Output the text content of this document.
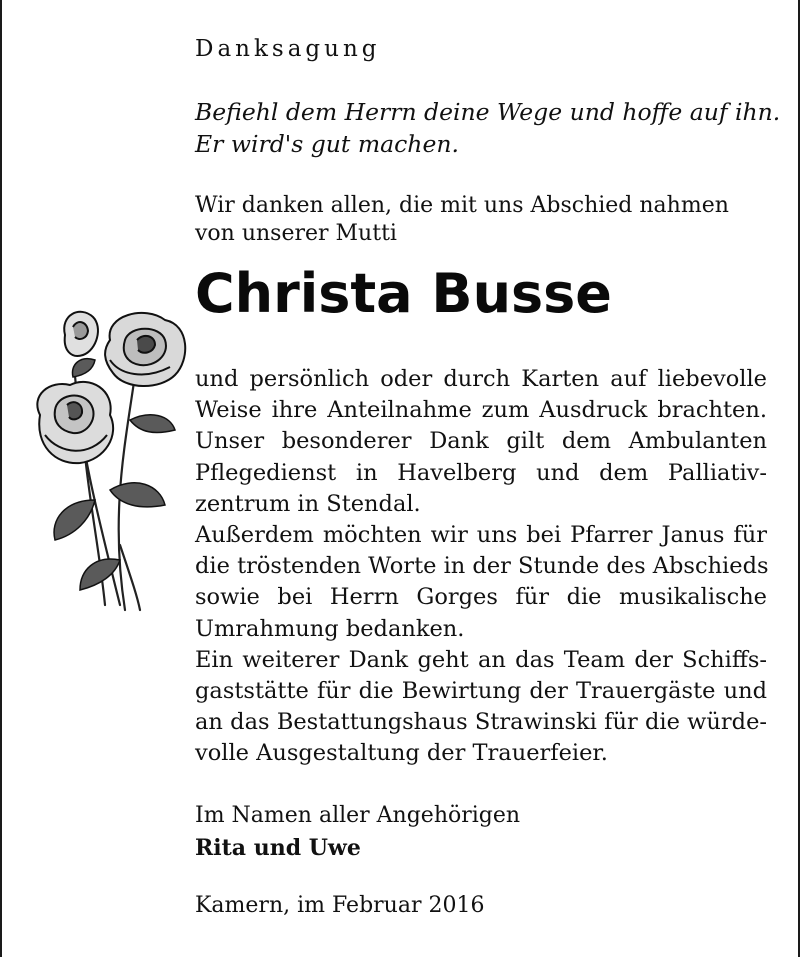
Danksagung
Befiehl dem Herrn deine Wege und hoffe auf ihn.
Er wird's gut machen.
Wir danken allen, die mit uns Abschied nahmen
von unserer Mutti
Christa Busse
und persönlich oder durch Karten auf liebevolle
Weise ihre Anteilnahme zum Ausdruck brachten.
Unser besonderer Dank gilt dem Ambulanten
Pflegedienst in Havelberg und dem Palliativ-
zentrum in Stendal.
Außerdem möchten wir uns bei Pfarrer Janus für
die tröstenden Worte in der Stunde des Abschieds
sowie bei Herrn Gorges für die musikalische
Umrahmung bedanken.
Ein weiterer Dank geht an das Team der Schiffs-
gaststätte für die Bewirtung der Trauergäste und
an das Bestattungshaus Strawinski für die würde-
volle Ausgestaltung der Trauerfeier.
Im Namen aller Angehörigen
Rita und Uwe
Kamern, im Februar 2016
